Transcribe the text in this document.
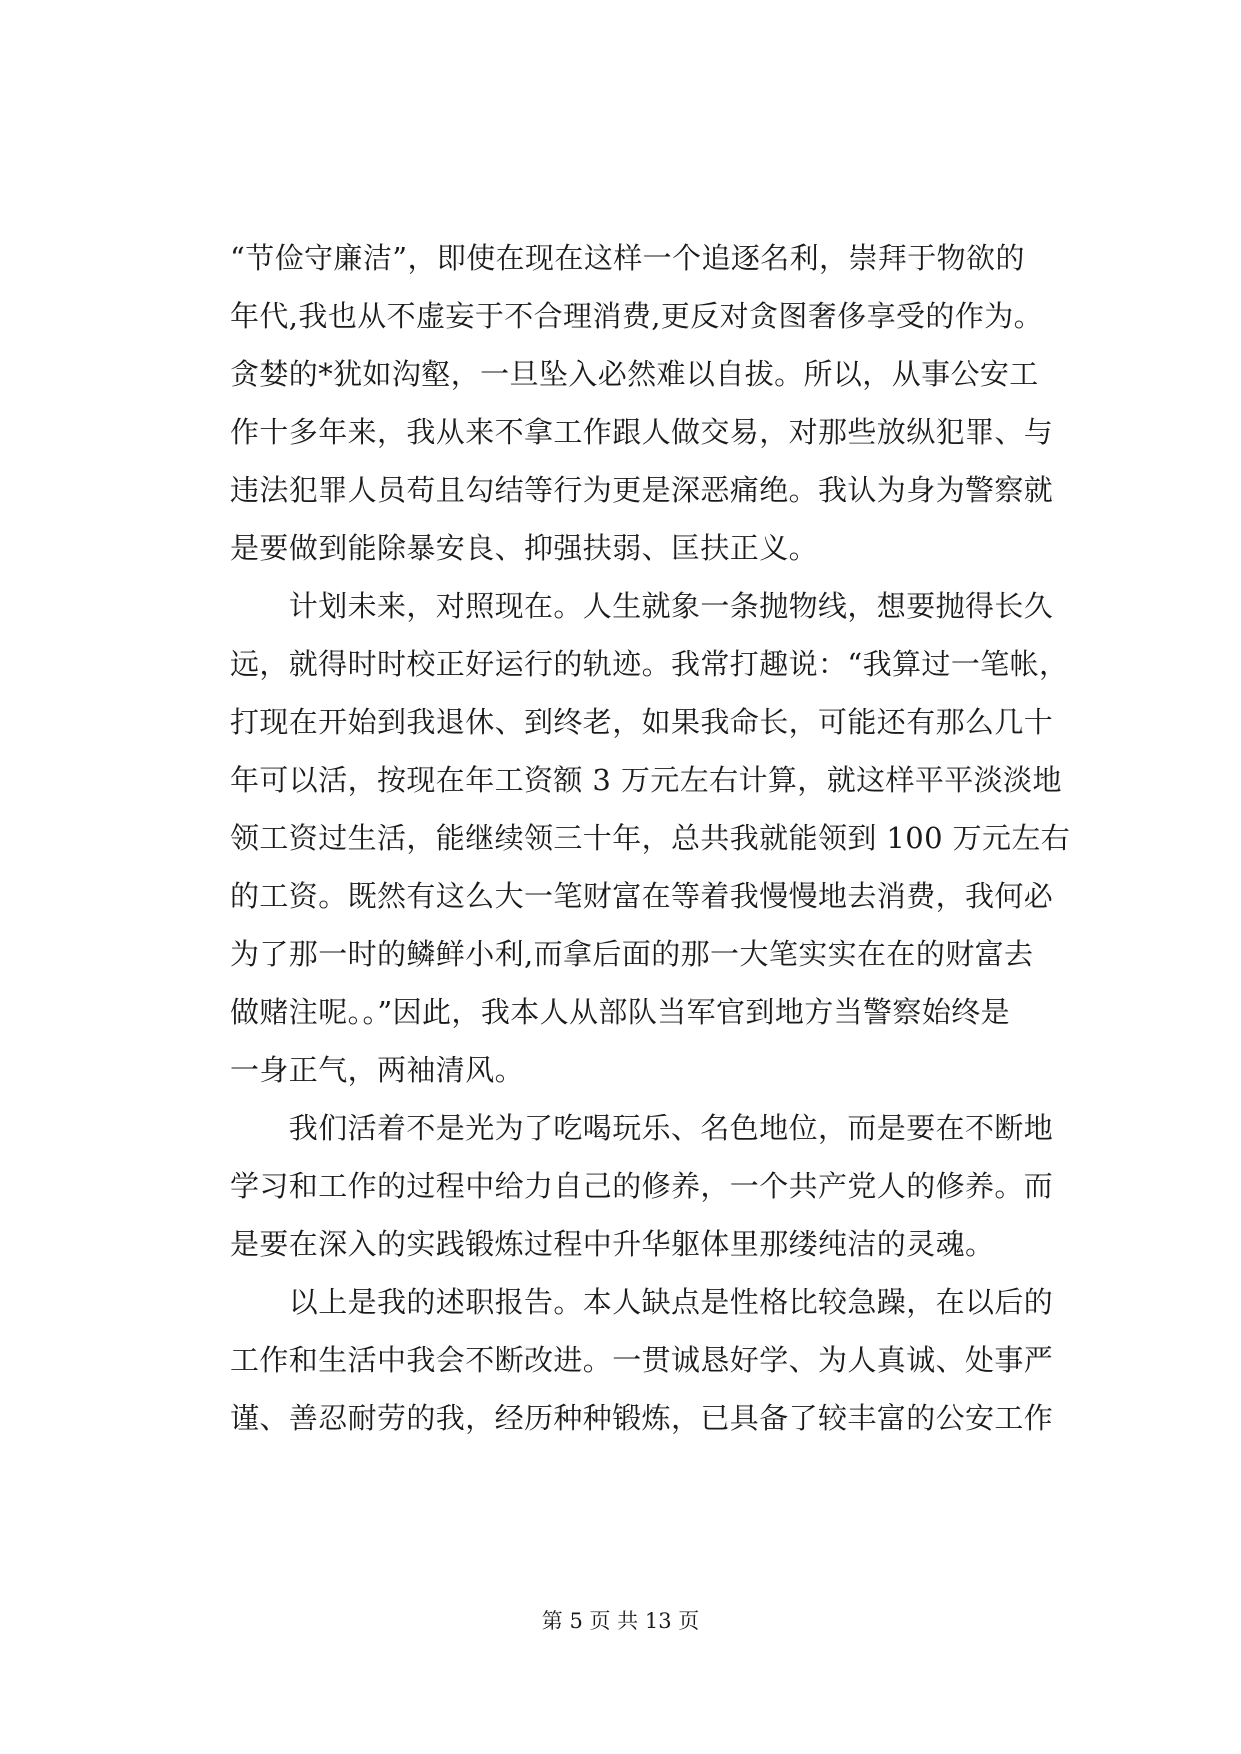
“节俭守廉洁”，即使在现在这样一个追逐名利，崇拜于物欲的
年代,我也从不虚妄于不合理消费,更反对贪图奢侈享受的作为。
贪婪的*犹如沟壑，一旦坠入必然难以自拔。所以，从事公安工
作十多年来，我从来不拿工作跟人做交易，对那些放纵犯罪、与
违法犯罪人员苟且勾结等行为更是深恶痛绝。我认为身为警察就
是要做到能除暴安良、抑强扶弱、匡扶正义。
　　计划未来，对照现在。人生就象一条抛物线，想要抛得长久
远，就得时时校正好运行的轨迹。我常打趣说：“我算过一笔帐，
打现在开始到我退休、到终老，如果我命长，可能还有那么几十
年可以活，按现在年工资额 3 万元左右计算，就这样平平淡淡地
领工资过生活，能继续领三十年，总共我就能领到 100 万元左右
的工资。既然有这么大一笔财富在等着我慢慢地去消费，我何必
为了那一时的鳞鲜小利,而拿后面的那一大笔实实在在的财富去
做赌注呢。。”因此，我本人从部队当军官到地方当警察始终是
一身正气，两袖清风。
　　我们活着不是光为了吃喝玩乐、名色地位，而是要在不断地
学习和工作的过程中给力自己的修养，一个共产党人的修养。而
是要在深入的实践锻炼过程中升华躯体里那缕纯洁的灵魂。
　　以上是我的述职报告。本人缺点是性格比较急躁，在以后的
工作和生活中我会不断改进。一贯诚恳好学、为人真诚、处事严
谨、善忍耐劳的我，经历种种锻炼，已具备了较丰富的公安工作
第 5 页 共 13 页
